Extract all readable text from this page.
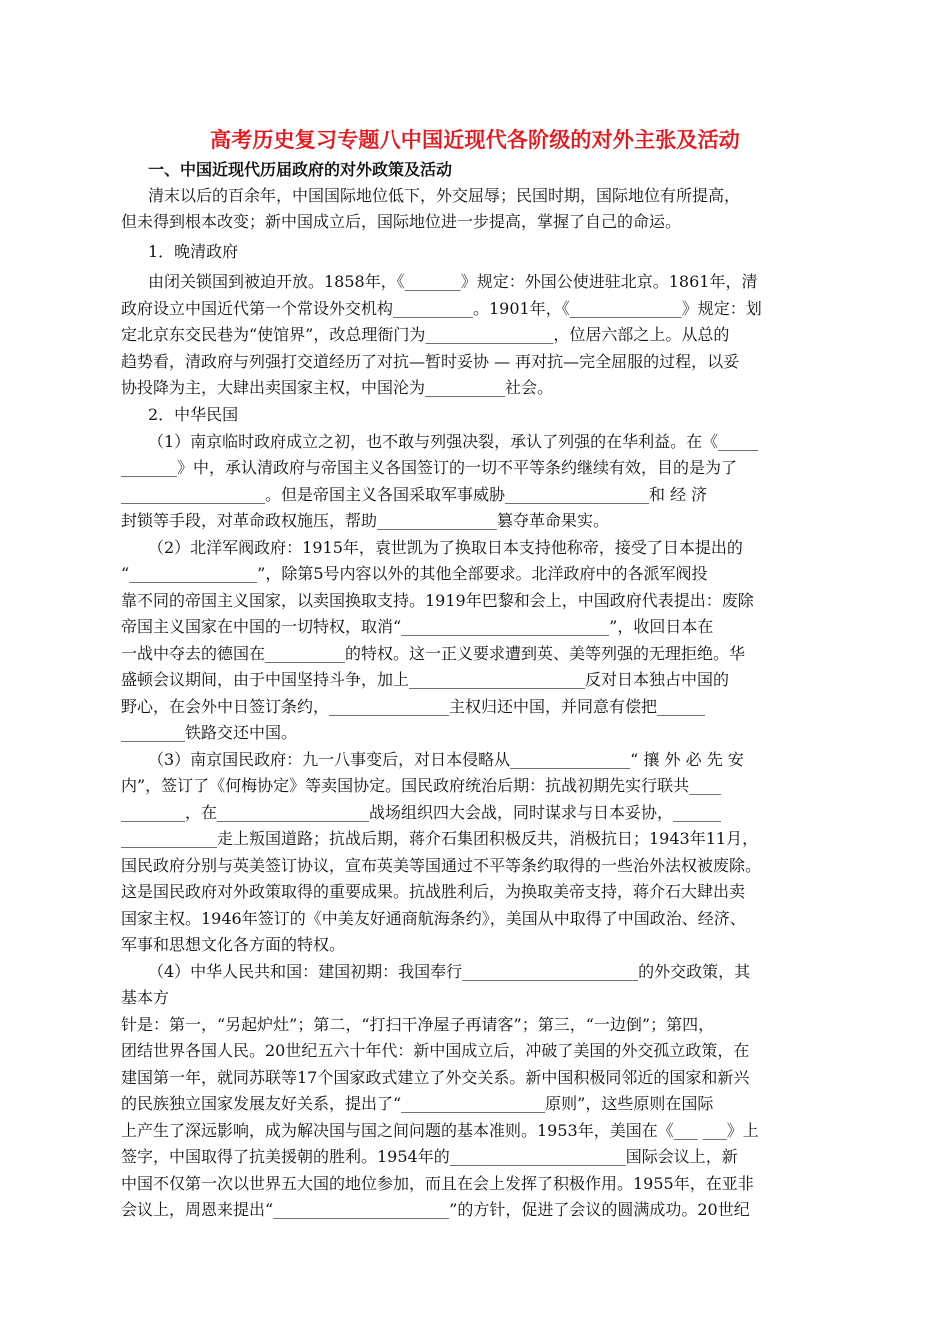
高考历史复习专题八中国近现代各阶级的对外主张及活动
一、中国近现代历届政府的对外政策及活动
清末以后的百余年，中国国际地位低下，外交屈辱；民国时期，国际地位有所提高，
但未得到根本改变；新中国成立后，国际地位进一步提高，掌握了自己的命运。
1．晚清政府
由闭关锁国到被迫开放。1858年，《_______》规定：外国公使进驻北京。1861年，清
政府设立中国近代第一个常设外交机构__________。1901年，《______________》规定：划
定北京东交民巷为“使馆界”，改总理衙门为________________，位居六部之上。从总的
趋势看，清政府与列强打交道经历了对抗—暂时妥协 — 再对抗—完全屈服的过程，以妥
协投降为主，大肆出卖国家主权，中国沦为__________社会。
2．中华民国
（1）南京临时政府成立之初，也不敢与列强决裂，承认了列强的在华利益。在《_____
_______》中，承认清政府与帝国主义各国签订的一切不平等条约继续有效，目的是为了
__________________。但是帝国主义各国采取军事威胁__________________和 经 济
封锁等手段，对革命政权施压，帮助_______________篡夺革命果实。
（2）北洋军阀政府：1915年，袁世凯为了换取日本支持他称帝，接受了日本提出的
“________________”，除第5号内容以外的其他全部要求。北洋政府中的各派军阀投
靠不同的帝国主义国家，以卖国换取支持。1919年巴黎和会上，中国政府代表提出：废除
帝国主义国家在中国的一切特权，取消“__________________________”，收回日本在
一战中夺去的德国在__________的特权。这一正义要求遭到英、美等列强的无理拒绝。华
盛顿会议期间，由于中国坚持斗争，加上______________________反对日本独占中国的
野心，在会外中日签订条约，_______________主权归还中国，并同意有偿把______
________铁路交还中国。
（3）南京国民政府：九一八事变后，对日本侵略从_______________“ 攘 外 必 先 安
内”，签订了《何梅协定》等卖国协定。国民政府统治后期：抗战初期先实行联共____
________，在___________________战场组织四大会战，同时谋求与日本妥协，______
____________走上叛国道路；抗战后期，蒋介石集团积极反共，消极抗日；1943年11月，
国民政府分别与英美签订协议，宣布英美等国通过不平等条约取得的一些治外法权被废除。
这是国民政府对外政策取得的重要成果。抗战胜利后，为换取美帝支持，蒋介石大肆出卖
国家主权。1946年签订的《中美友好通商航海条约》，美国从中取得了中国政治、经济、
军事和思想文化各方面的特权。
（4）中华人民共和国：建国初期：我国奉行______________________的外交政策，其
基本方
针是：第一，“另起炉灶”；第二，“打扫干净屋子再请客”；第三，“一边倒”；第四，
团结世界各国人民。20世纪五六十年代：新中国成立后，冲破了美国的外交孤立政策，在
建国第一年，就同苏联等17个国家政式建立了外交关系。新中国积极同邻近的国家和新兴
的民族独立国家发展友好关系，提出了“__________________原则”，这些原则在国际
上产生了深远影响，成为解决国与国之间问题的基本准则。1953年，美国在《___ ___》上
签字，中国取得了抗美援朝的胜利。1954年的______________________国际会议上，新
中国不仅第一次以世界五大国的地位参加，而且在会上发挥了积极作用。1955年，在亚非
会议上，周恩来提出“______________________”的方针，促进了会议的圆满成功。20世纪
